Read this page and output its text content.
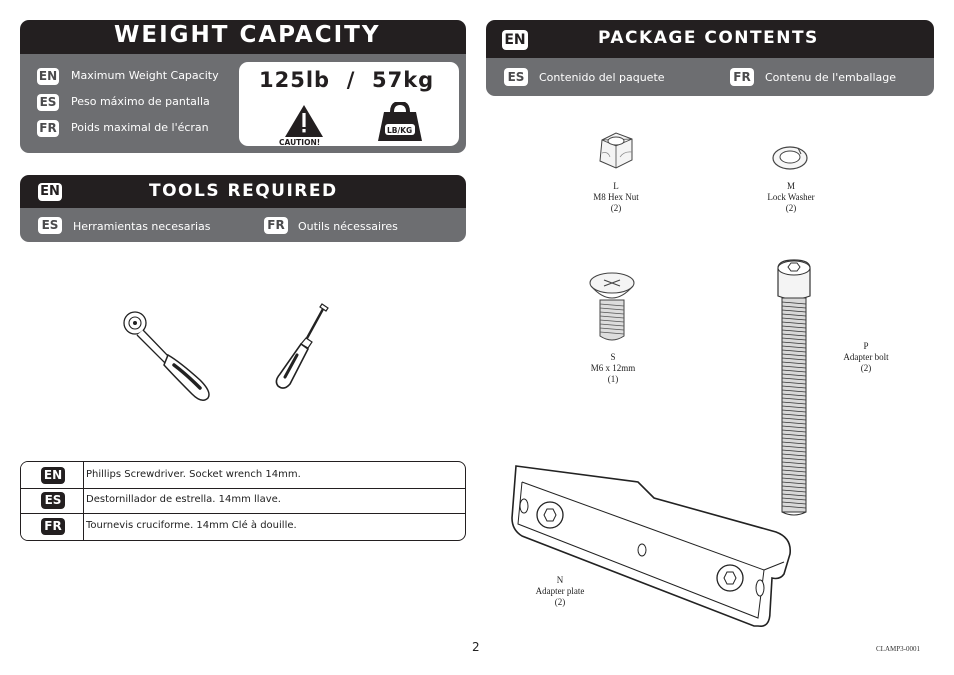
WEIGHT CAPACITY
EN Maximum Weight Capacity
ES Peso máximo de pantalla
FR Poids maximal de l'écran
125lb  /  57kg
CAUTION!
LB/KG
EN	TOOLS REQUIRED
ES	Herramientas necesarias	FR Outils nécessaires
EN Phillips Screwdriver. Socket wrench 14mm.
ES	Destornillador de estrella. 14mm llave.
FR	Tournevis cruciforme. 14mm Clé à douille.
EN	PACKAGE CONTENTS
ES	Contenido del paquete	FR Contenu de l'emballage
L
M8 Hex Nut
(2)
M
Lock Washer
(2)
S
M6 x 12mm
(1)
P
Adapter bolt
(2)
N
Adapter plate
(2)
2	CLAMP3-0001
